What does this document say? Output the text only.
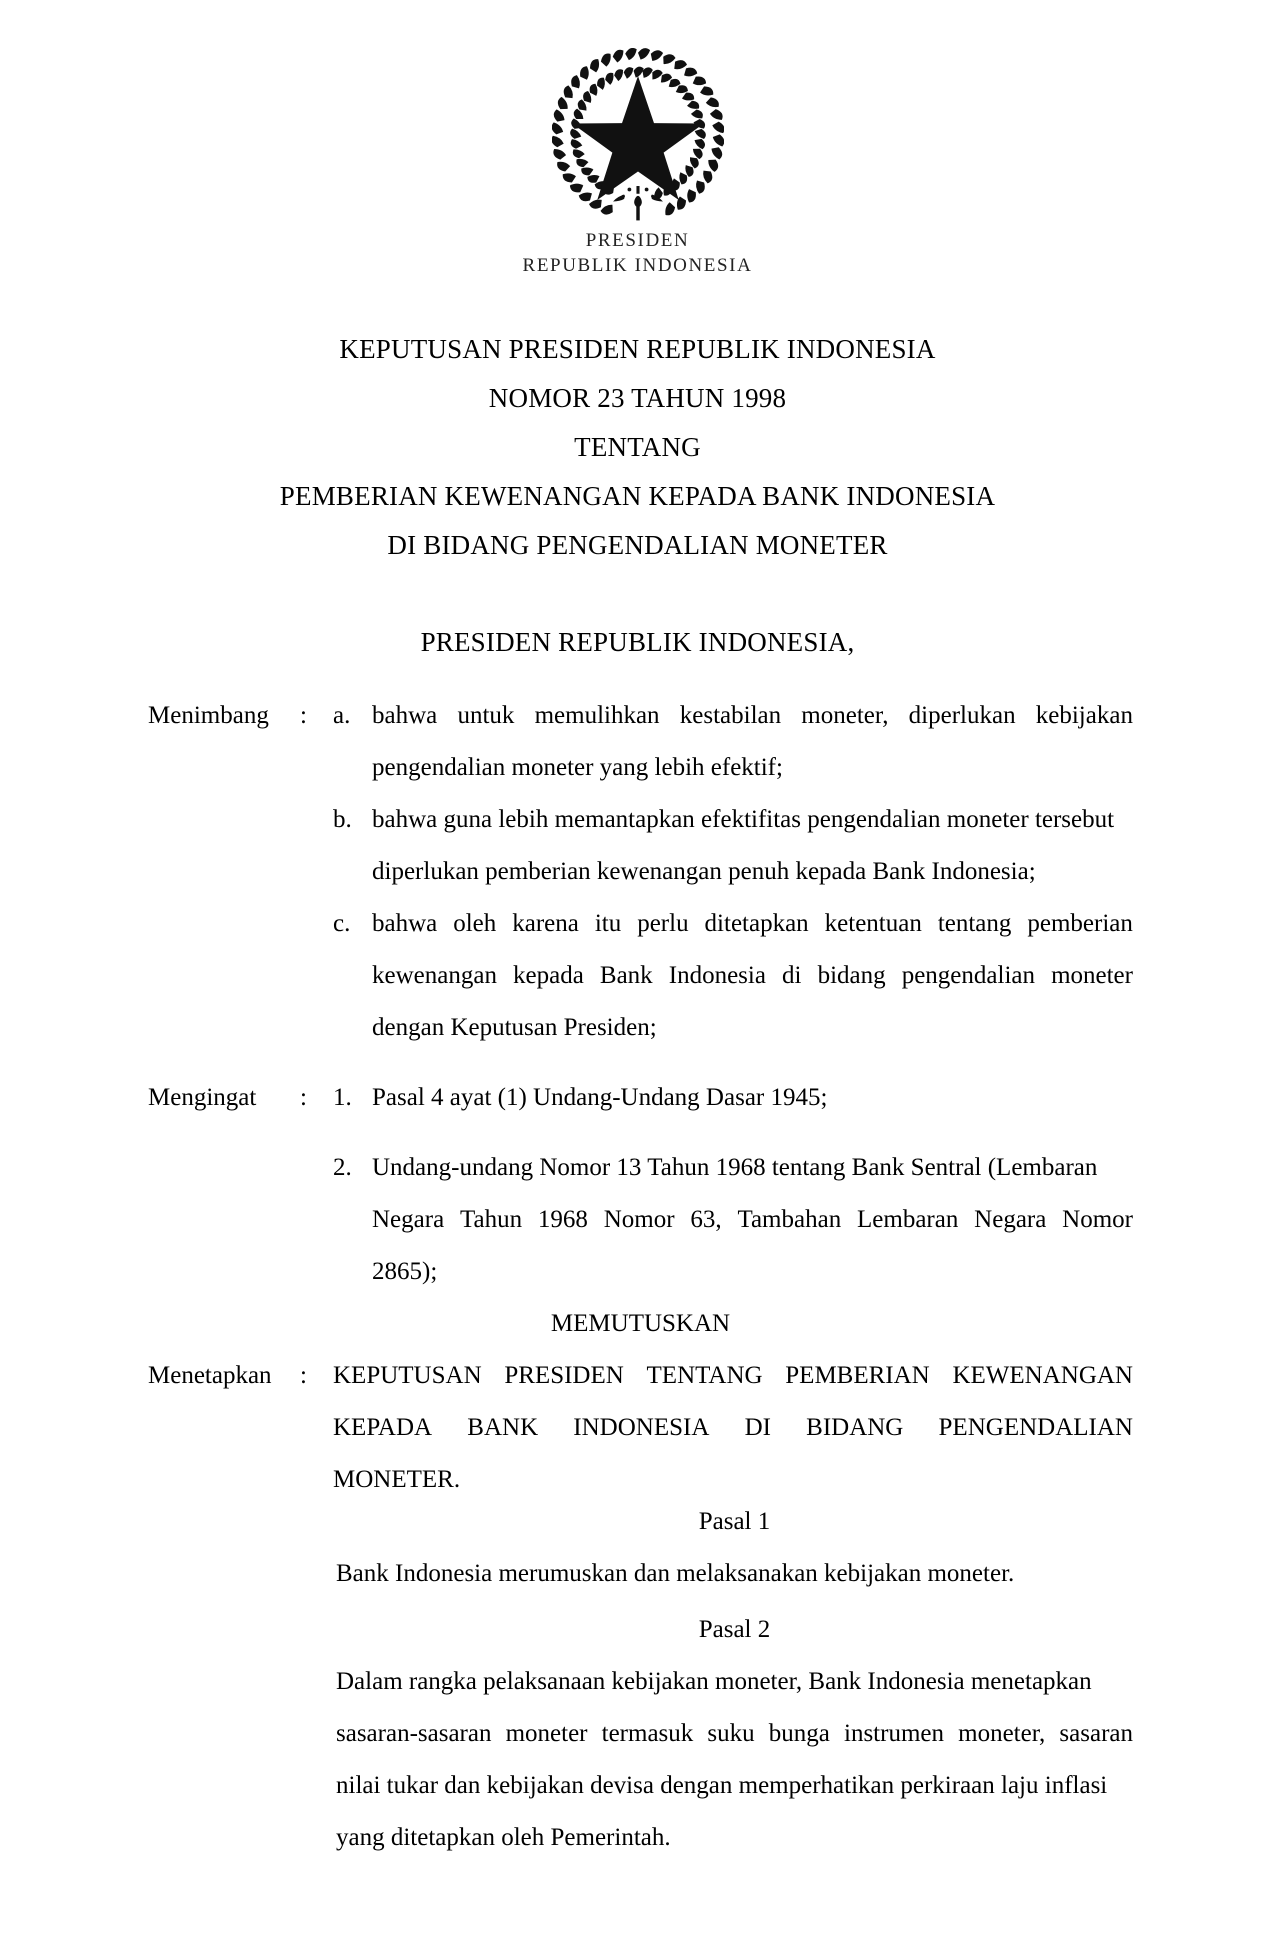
PRESIDEN
REPUBLIK INDONESIA
KEPUTUSAN PRESIDEN REPUBLIK INDONESIA
NOMOR 23 TAHUN 1998
TENTANG
PEMBERIAN KEWENANGAN KEPADA BANK INDONESIA
DI BIDANG PENGENDALIAN MONETER
PRESIDEN REPUBLIK INDONESIA,
Menimbang	:	a. bahwa untuk memulihkan kestabilan moneter, diperlukan kebijakan
pengendalian moneter yang lebih efektif;
b. bahwa guna lebih memantapkan efektifitas pengendalian moneter tersebut
diperlukan pemberian kewenangan penuh kepada Bank Indonesia;
c. bahwa oleh karena itu perlu ditetapkan ketentuan tentang pemberian
kewenangan kepada Bank Indonesia di bidang pengendalian moneter
dengan Keputusan Presiden;
Mengingat	:	1. Pasal 4 ayat (1) Undang-Undang Dasar 1945;
2. Undang-undang Nomor 13 Tahun 1968 tentang Bank Sentral (Lembaran
Negara Tahun 1968 Nomor 63, Tambahan Lembaran Negara Nomor
2865);
MEMUTUSKAN
Menetapkan	:	KEPUTUSAN PRESIDEN TENTANG PEMBERIAN KEWENANGAN
KEPADA BANK INDONESIA DI BIDANG PENGENDALIAN
MONETER.
Pasal 1
Bank Indonesia merumuskan dan melaksanakan kebijakan moneter.
Pasal 2
Dalam rangka pelaksanaan kebijakan moneter, Bank Indonesia menetapkan
sasaran-sasaran moneter termasuk suku bunga instrumen moneter, sasaran
nilai tukar dan kebijakan devisa dengan memperhatikan perkiraan laju inflasi
yang ditetapkan oleh Pemerintah.
